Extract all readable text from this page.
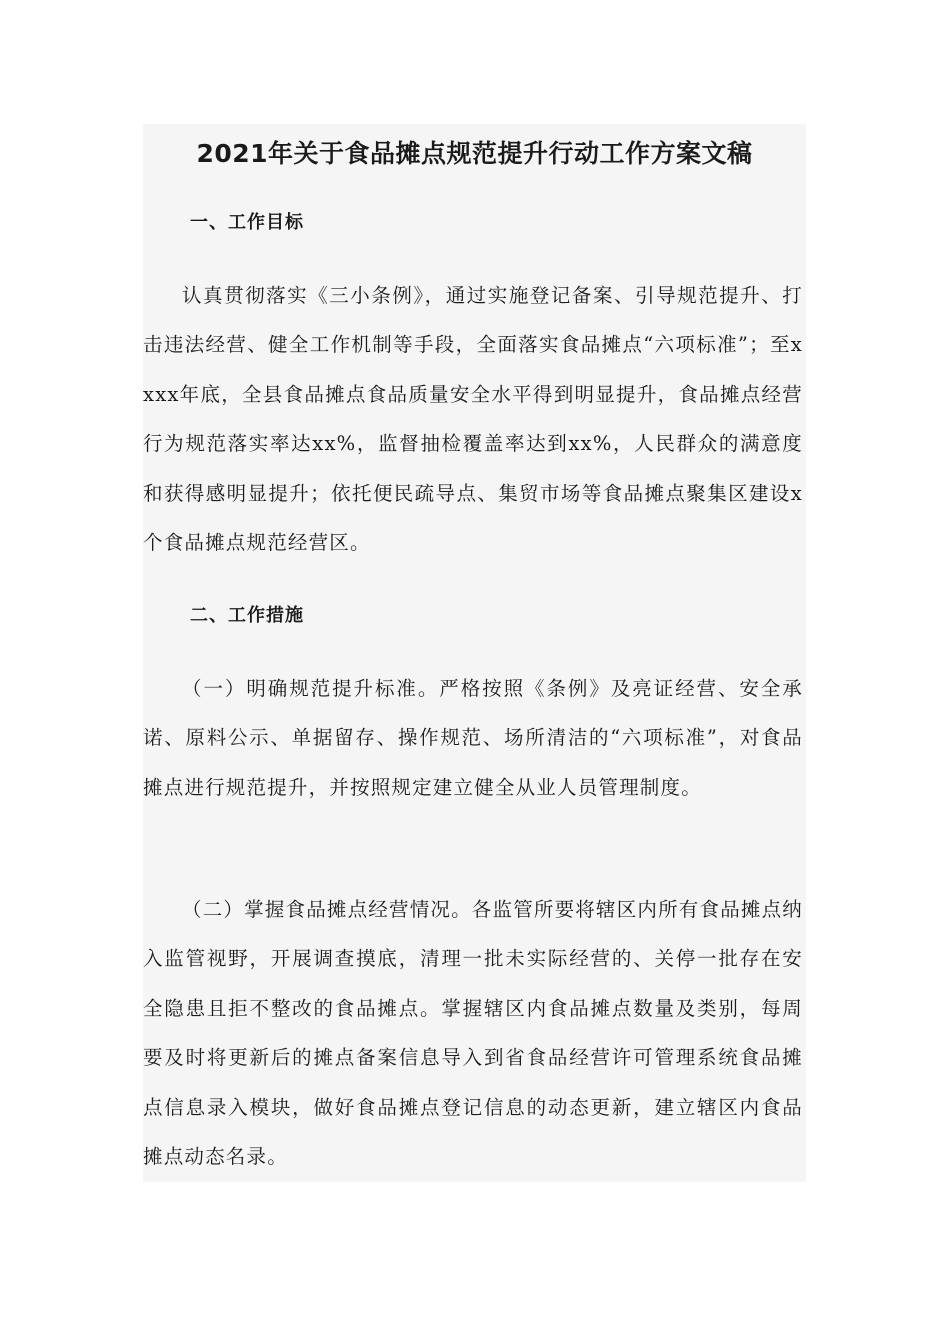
2021年关于食品摊点规范提升行动工作方案文稿
一、工作目标

认真贯彻落实《三小条例》，通过实施登记备案、引导规范提升、打击违法经营、健全工作机制等手段，全面落实食品摊点“六项标准”；至xxxx年底，全县食品摊点食品质量安全水平得到明显提升，食品摊点经营行为规范落实率达xx%，监督抽检覆盖率达到xx%，人民群众的满意度和获得感明显提升；依托便民疏导点、集贸市场等食品摊点聚集区建设x个食品摊点规范经营区。

二、工作措施

（一）明确规范提升标准。严格按照《条例》及亮证经营、安全承诺、原料公示、单据留存、操作规范、场所清洁的“六项标准”，对食品摊点进行规范提升，并按照规定建立健全从业人员管理制度。

（二）掌握食品摊点经营情况。各监管所要将辖区内所有食品摊点纳入监管视野，开展调查摸底，清理一批未实际经营的、关停一批存在安全隐患且拒不整改的食品摊点。掌握辖区内食品摊点数量及类别，每周要及时将更新后的摊点备案信息导入到省食品经营许可管理系统食品摊点信息录入模块，做好食品摊点登记信息的动态更新，建立辖区内食品摊点动态名录。
